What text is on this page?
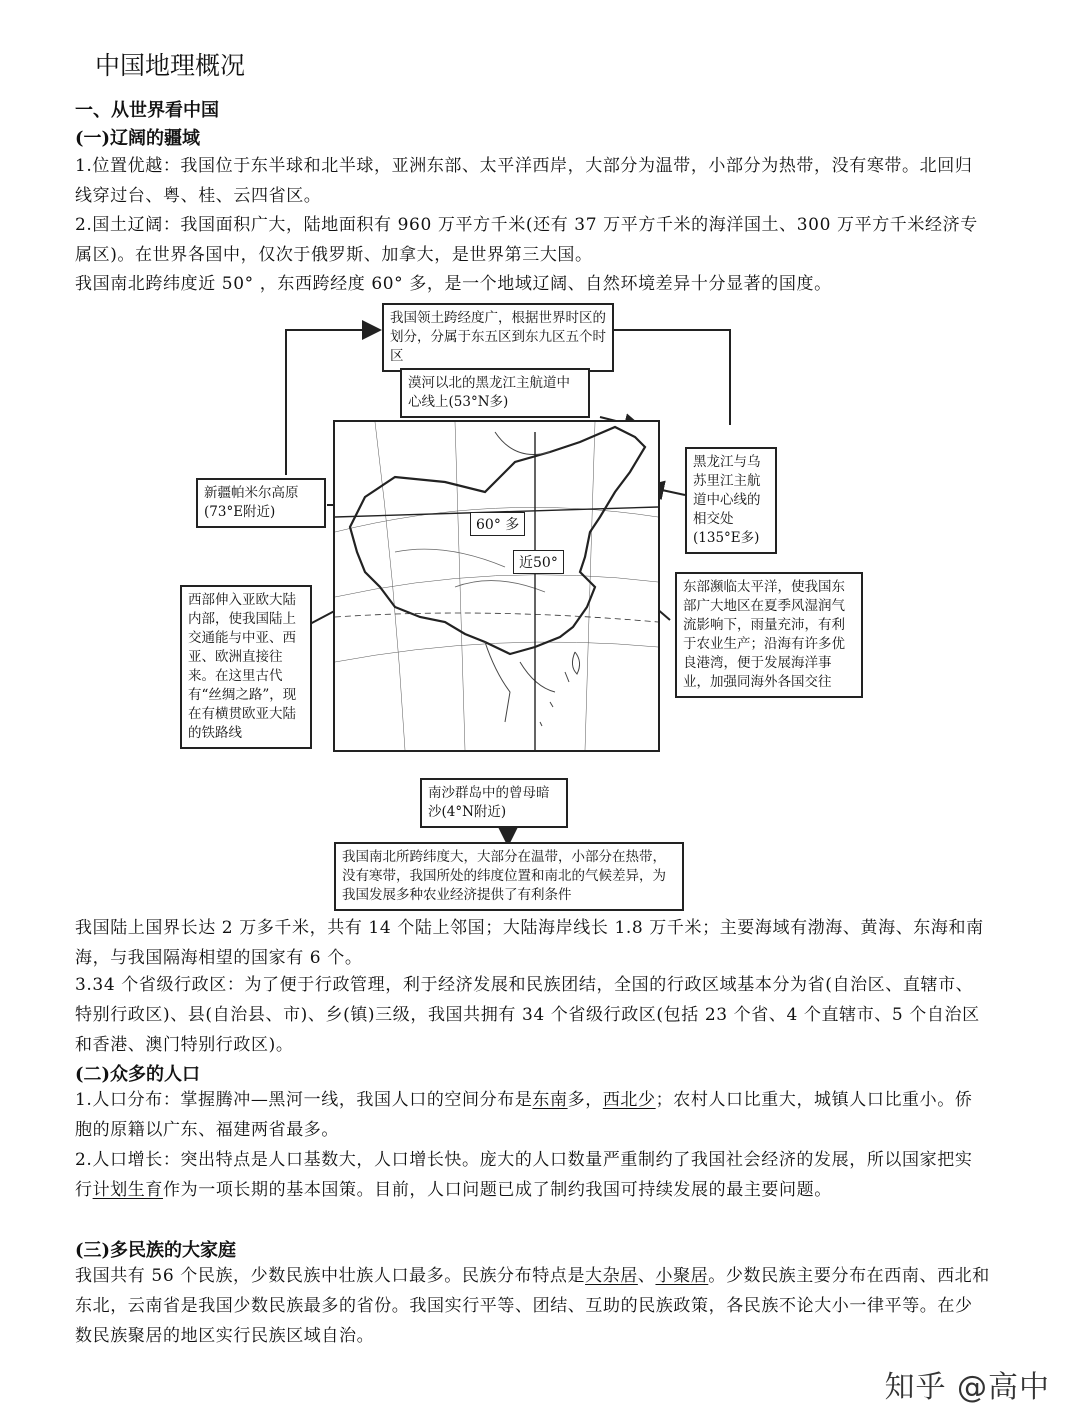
中国地理概况
一、从世界看中国
(一)辽阔的疆域
1.位置优越：我国位于东半球和北半球，亚洲东部、太平洋西岸，大部分为温带，小部分为热带，没有寒带。北回归线穿过台、粤、桂、云四省区。
2.国土辽阔：我国面积广大，陆地面积有 960 万平方千米(还有 37 万平方千米的海洋国土、300 万平方千米经济专属区)。在世界各国中，仅次于俄罗斯、加拿大，是世界第三大国。
我国南北跨纬度近 50° ，东西跨经度 60° 多，是一个地域辽阔、自然环境差异十分显著的国度。
60° 多
近50°
我国领土跨经度广，根据世界时区的划分，分属于东五区到东九区五个时区
漠河以北的黑龙江主航道中心线上(53°N多)
新疆帕米尔高原(73°E附近)
黑龙江与乌苏里江主航道中心线的相交处(135°E多)
西部伸入亚欧大陆内部，使我国陆上交通能与中亚、西亚、欧洲直接往来。在这里古代有“丝绸之路”，现在有横贯欧亚大陆的铁路线
东部濒临太平洋，使我国东部广大地区在夏季风湿润气流影响下，雨量充沛，有利于农业生产；沿海有许多优良港湾，便于发展海洋事业，加强同海外各国交往
南沙群岛中的曾母暗沙(4°N附近)
我国南北所跨纬度大，大部分在温带，小部分在热带，没有寒带，我国所处的纬度位置和南北的气候差异，为我国发展多种农业经济提供了有利条件
我国陆上国界长达 2 万多千米，共有 14 个陆上邻国；大陆海岸线长 1.8 万千米；主要海域有渤海、黄海、东海和南海，与我国隔海相望的国家有 6 个。
3.34 个省级行政区：为了便于行政管理，利于经济发展和民族团结，全国的行政区域基本分为省(自治区、直辖市、特别行政区)、县(自治县、市)、乡(镇)三级，我国共拥有 34 个省级行政区(包括 23 个省、4 个直辖市、5 个自治区和香港、澳门特别行政区)。
(二)众多的人口
1.人口分布：掌握腾冲—黑河一线，我国人口的空间分布是东南多，西北少；农村人口比重大，城镇人口比重小。侨胞的原籍以广东、福建两省最多。
2.人口增长：突出特点是人口基数大，人口增长快。庞大的人口数量严重制约了我国社会经济的发展，所以国家把实行计划生育作为一项长期的基本国策。目前，人口问题已成了制约我国可持续发展的最主要问题。
(三)多民族的大家庭
我国共有 56 个民族，少数民族中壮族人口最多。民族分布特点是大杂居、小聚居。少数民族主要分布在西南、西北和东北，云南省是我国少数民族最多的省份。我国实行平等、团结、互助的民族政策，各民族不论大小一律平等。在少数民族聚居的地区实行民族区域自治。
知乎 @高中
